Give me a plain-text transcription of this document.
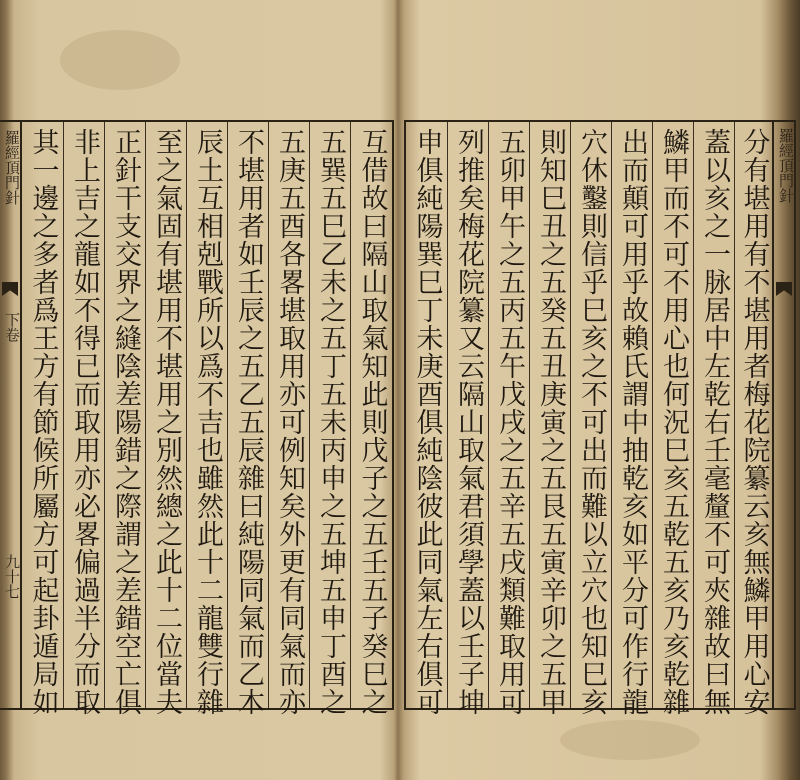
羅經頂門針
下卷
九十七 其一邊之多者爲王方有節候所屬方可起卦遁局如 非上吉之龍如不得已而取用亦必畧偏過半分而取 正針干支交界之縫陰差陽錯之際謂之差錯空亡俱 至之氣固有堪用不堪用之別然總之此十二位當夫 辰土互相剋戰所以爲不吉也雖然此十二龍雙行雜 不堪用者如壬辰之五乙五辰雜曰純陽同氣而乙木 五庚五酉各畧堪取用亦可例知矣外更有同氣而亦 五巽五巳乙未之五丁五未丙申之五坤五申丁酉之 互借故曰隔山取氣知此則戊子之五壬五子癸巳之 申俱純陽巽巳丁未庚酉俱純陰彼此同氣左右俱可 列推矣梅花院纂又云隔山取氣君須學蓋以壬子坤 五卯甲午之五丙五午戊戌之五辛五戌類難取用可 則知巳丑之五癸五丑庚寅之五艮五寅辛卯之五甲 穴休鑿則信乎巳亥之不可出而難以立穴也知巳亥 出而顛可用乎故賴氏謂中抽乾亥如平分可作行龍 鱗甲而不可不用心也何況巳亥五乾五亥乃亥乾雜 蓋以亥之一脉居中左乾右壬毫釐不可夾雜故曰無 分有堪用有不堪用者梅花院纂云亥無鱗甲用心安 羅經頂門針
